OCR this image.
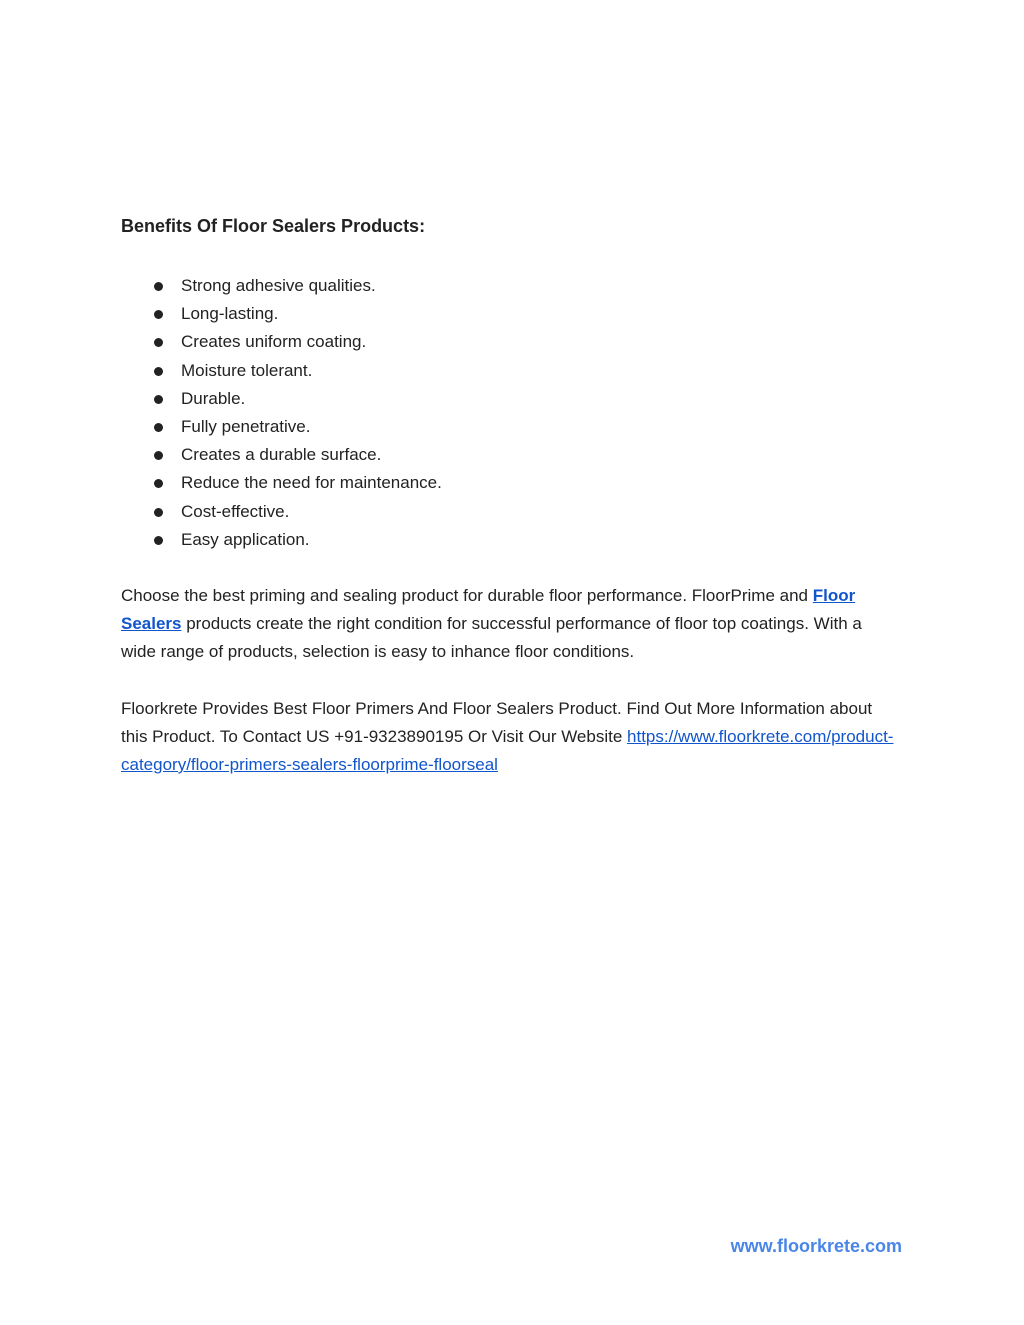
Benefits Of Floor Sealers Products:
Strong adhesive qualities.
Long-lasting.
Creates uniform coating.
Moisture tolerant.
Durable.
Fully penetrative.
Creates a durable surface.
Reduce the need for maintenance.
Cost-effective.
Easy application.

Choose the best priming and sealing product for durable floor performance. FloorPrime and Floor Sealers products create the right condition for successful performance of floor top coatings. With a wide range of products, selection is easy to inhance floor conditions.

Floorkrete Provides Best Floor Primers And Floor Sealers Product. Find Out More Information about this Product. To Contact US +91-9323890195 Or Visit Our Website https://www.floorkrete.com/product-category/floor-primers-sealers-floorprime-floorseal

www.floorkrete.com
